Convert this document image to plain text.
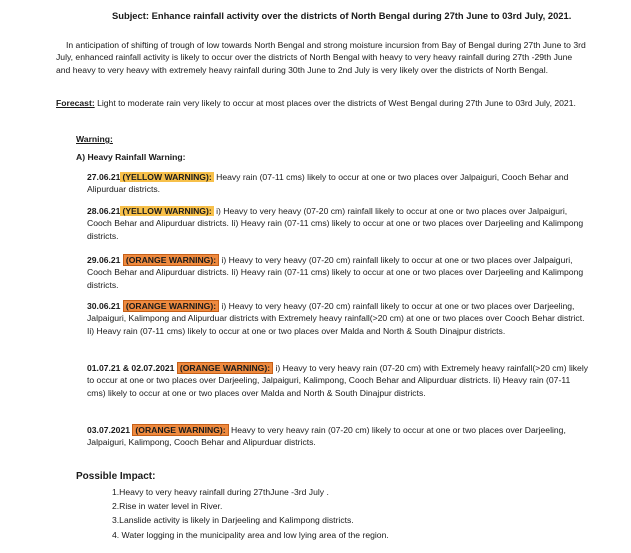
Subject: Enhance rainfall activity over the districts of North Bengal during 27th June to 03rd July, 2021.
In anticipation of shifting of trough of low towards North Bengal and strong moisture incursion from Bay of Bengal during 27th June to 3rd July, enhanced rainfall activity is likely to occur over the districts of North Bengal with heavy to very heavy rainfall during 27th -29th June and heavy to very heavy with extremely heavy rainfall during 30th June to 2nd July is very likely over the districts of North Bengal.
Forecast: Light to moderate rain very likely to occur at most places over the districts of West Bengal during 27th June to 03rd July, 2021.
Warning:
A) Heavy Rainfall Warning:
27.06.21 (YELLOW WARNING): Heavy rain (07-11 cms) likely to occur at one or two places over Jalpaiguri, Cooch Behar and Alipurduar districts.
28.06.21 (YELLOW WARNING): i) Heavy to very heavy (07-20 cm) rainfall likely to occur at one or two places over Jalpaiguri, Cooch Behar and Alipurduar districts. Ii) Heavy rain (07-11 cms) likely to occur at one or two places over Darjeeling and Kalimpong districts.
29.06.21 (ORANGE WARNING): i) Heavy to very heavy (07-20 cm) rainfall likely to occur at one or two places over Jalpaiguri, Cooch Behar and Alipurduar districts. Ii) Heavy rain (07-11 cms) likely to occur at one or two places over Darjeeling and Kalimpong districts.
30.06.21 (ORANGE WARNING): i) Heavy to very heavy (07-20 cm) rainfall likely to occur at one or two places over Darjeeling, Jalpaiguri, Kalimpong and Alipurduar districts with Extremely heavy rainfall(>20 cm) at one or two places over Cooch Behar district. Ii) Heavy rain (07-11 cms) likely to occur at one or two places over Malda and North & South Dinajpur districts.
01.07.21 & 02.07.2021 (ORANGE WARNING): i) Heavy to very heavy rain (07-20 cm) with Extremely heavy rainfall(>20 cm) likely to occur at one or two places over Darjeeling, Jalpaiguri, Kalimpong, Cooch Behar and Alipurduar districts. Ii) Heavy rain (07-11 cms) likely to occur at one or two places over Malda and North & South Dinajpur districts.
03.07.2021 (ORANGE WARNING): Heavy to very heavy rain (07-20 cm) likely to occur at one or two places over Darjeeling, Jalpaiguri, Kalimpong, Cooch Behar and Alipurduar districts.
Possible Impact:
1.Heavy to very heavy rainfall during 27thJune -3rd July .
2.Rise in water level in River.
3.Lanslide activity is likely in Darjeeling and Kalimpong districts.
4. Water logging in the municipality area and low lying area of the region.
